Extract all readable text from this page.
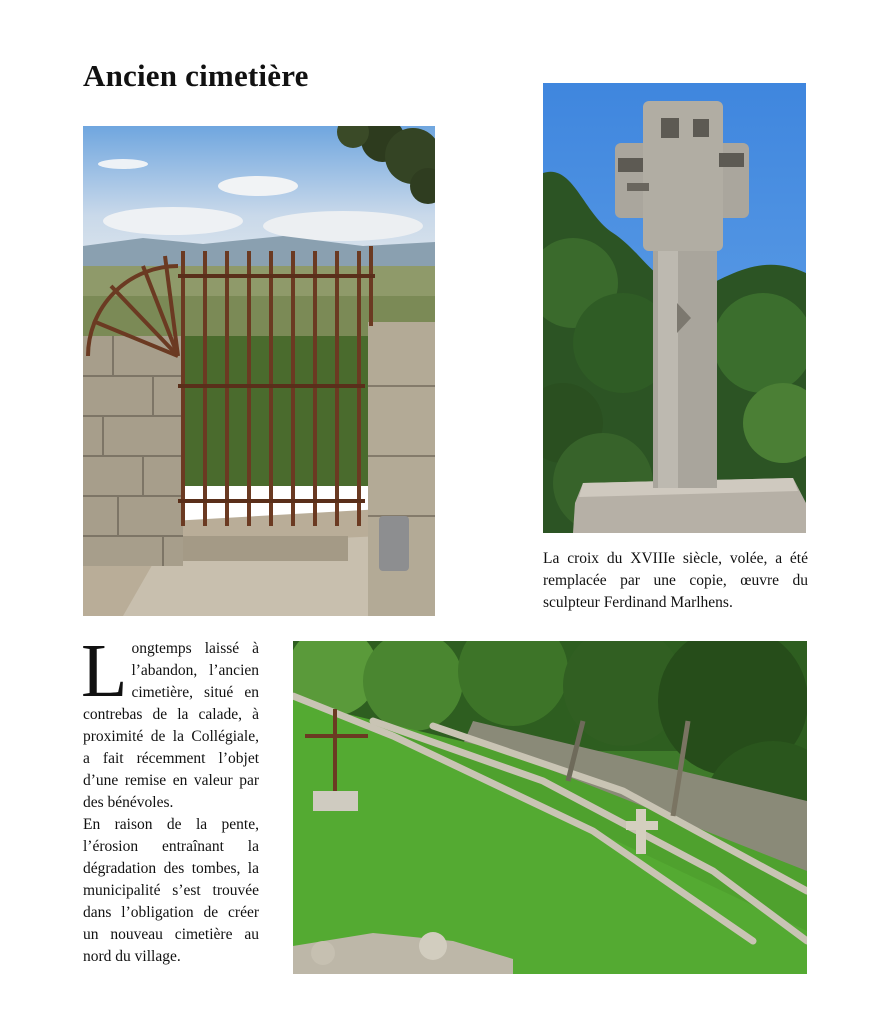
Ancien cimetière

La croix du XVIIIe siècle, volée, a été remplacée par une copie, œuvre du sculpteur Ferdinand Marlhens.

Longtemps laissé à l’abandon, l’ancien cimetière, situé en contrebas de la calade, à proximité de la Collégiale, a fait récemment l’objet d’une remise en valeur par des bénévoles.

En raison de la pente, l’érosion entraînant la dégradation des tombes, la municipalité s’est trouvée dans l’obligation de créer un nouveau cimetière au nord du village.
